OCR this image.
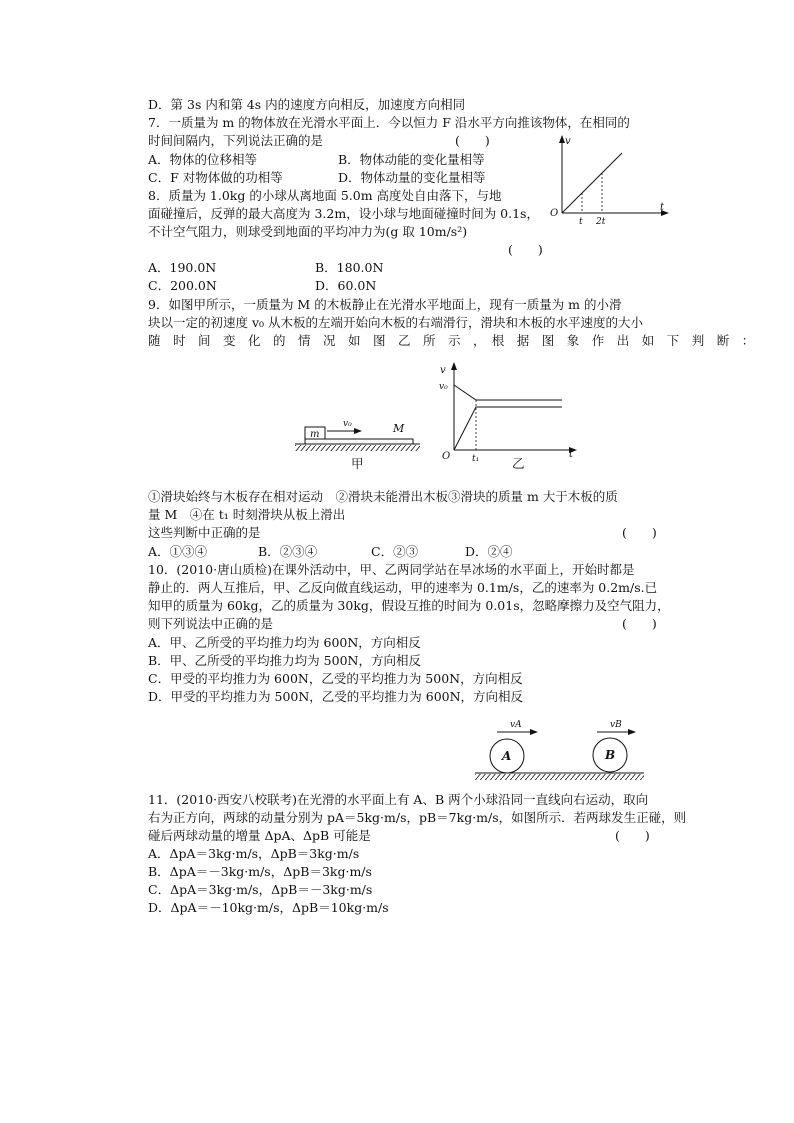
D．第 3s 内和第 4s 内的速度方向相反，加速度方向相同
7．一质量为 m 的物体放在光滑水平面上．今以恒力 F 沿水平方向推该物体，在相同的
时间间隔内，下列说法正确的是	(　　)
A．物体的位移相等	B．物体动能的变化量相等
C．F 对物体做的功相等	D．物体动量的变化量相等
v
t
O
t 2t
8．质量为 1.0kg 的小球从离地面 5.0m 高度处自由落下，与地
面碰撞后，反弹的最大高度为 3.2m，设小球与地面碰撞时间为 0.1s，
不计空气阻力，则球受到地面的平均冲力为(g 取 10m/s²)
(　　)
A．190.0N	B．180.0N
C．200.0N	D．60.0N
9．如图甲所示，一质量为 M 的木板静止在光滑水平地面上，现有一质量为 m 的小滑
块以一定的初速度 v₀ 从木板的左端开始向木板的右端滑行，滑块和木板的水平速度的大小
随　时　间　变　化　的　情　况　如　图　乙　所　示　，　根　据　图　象　作　出　如　下　判　断　：
m	M
v₀
甲
v
v₀
O t₁	t
乙
①滑块始终与木板存在相对运动　②滑块未能滑出木板③滑块的质量 m 大于木板的质
量 M　④在 t₁ 时刻滑块从板上滑出
这些判断中正确的是	(　　)
A．①③④	B．②③④	C．②③	D．②④
10．(2010·唐山质检)在课外活动中，甲、乙两同学站在旱冰场的水平面上，开始时都是
静止的．两人互推后，甲、乙反向做直线运动，甲的速率为 0.1m/s，乙的速率为 0.2m/s.已
知甲的质量为 60kg，乙的质量为 30kg，假设互推的时间为 0.01s，忽略摩擦力及空气阻力，
则下列说法中正确的是	(　　)
A．甲、乙所受的平均推力均为 600N，方向相反
B．甲、乙所受的平均推力均为 500N，方向相反
C．甲受的平均推力为 600N，乙受的平均推力为 500N，方向相反
D．甲受的平均推力为 500N，乙受的平均推力为 600N，方向相反
A	B
vA	vB
11．(2010·西安八校联考)在光滑的水平面上有 A、B 两个小球沿同一直线向右运动，取向
右为正方向，两球的动量分别为 pA＝5kg·m/s，pB＝7kg·m/s，如图所示．若两球发生正碰，则
碰后两球动量的增量 ΔpA、ΔpB 可能是	(　　)
A．ΔpA＝3kg·m/s，ΔpB＝3kg·m/s
B．ΔpA＝－3kg·m/s，ΔpB＝3kg·m/s
C．ΔpA＝3kg·m/s，ΔpB＝－3kg·m/s
D．ΔpA＝－10kg·m/s，ΔpB＝10kg·m/s
